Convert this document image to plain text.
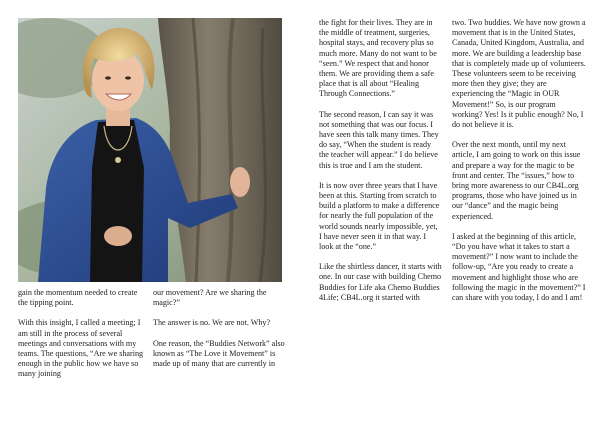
gain the momentum needed to create the tipping point.

With this insight, I called a meeting; I am still in the process of several meetings and conversations with my teams. The questions, “Are we sharing enough in the public how we have so many joining

our movement? Are we sharing the magic?”

The answer is no. We are not. Why?

One reason, the “Buddies Network” also known as “The Love it Movement” is made up of many that are currently in

the fight for their lives. They are in the middle of treatment, surgeries, hospital stays, and recovery plus so much more. Many do not want to be “seen.” We respect that and honor them. We are providing them a safe place that is all about “Healing Through Connections.”

The second reason, I can say it was not something that was our focus. I have seen this talk many times. They do say, “When the student is ready the teacher will appear.” I do believe this is true and I am the student.

It is now over three years that I have been at this. Starting from scratch to build a platform to make a difference for nearly the full population of the world sounds nearly impossible, yet, I have never seen it in that way. I look at the “one.”

Like the shirtless dancer, it starts with one. In our case with building Chemo Buddies for Life aka Chemo Buddies 4Life; CB4L.org it started with

two. Two buddies. We have now grown a movement that is in the United States, Canada, United Kingdom, Australia, and more. We are building a leadership base that is completely made up of volunteers. These volunteers seem to be receiving more then they give; they are experiencing the “Magic in OUR Movement!” So, is our program working? Yes! Is it public enough? No, I do not believe it is.

Over the next month, until my next article, I am going to work on this issue and prepare a way for the magic to be front and center. The “issues,” how to bring more awareness to our CB4L.org programs, those who have joined us in our “dance” and the magic being experienced.

I asked at the beginning of this article, “Do you have what it takes to start a movement?” I now want to include the follow-up, “Are you ready to create a movement and highlight those who are following the magic in the movement?” I can share with you today, I do and I am!
